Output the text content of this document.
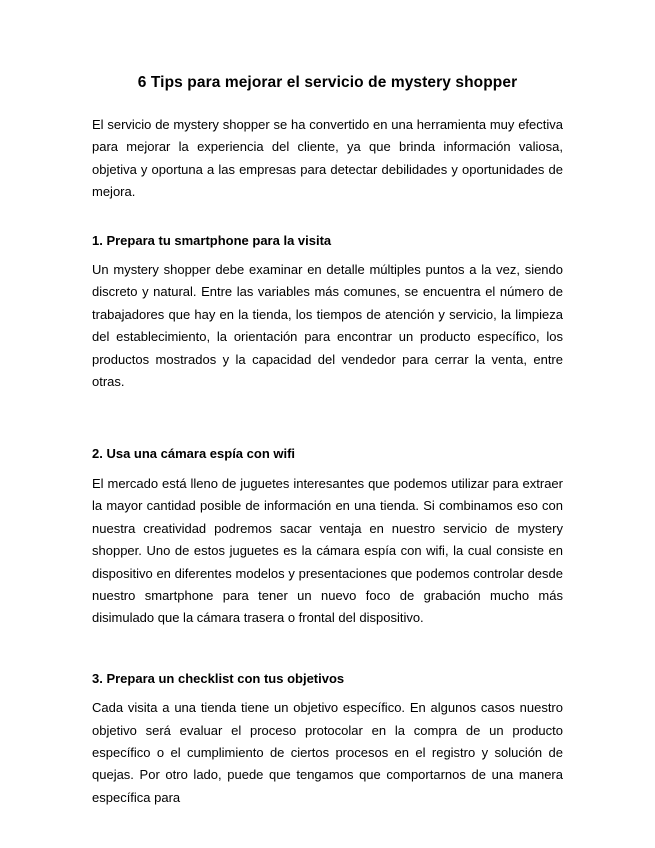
6 Tips para mejorar el servicio de mystery shopper

El servicio de mystery shopper se ha convertido en una herramienta muy efectiva para mejorar la experiencia del cliente, ya que brinda información valiosa, objetiva y oportuna a las empresas para detectar debilidades y oportunidades de mejora.

1. Prepara tu smartphone para la visita

Un mystery shopper debe examinar en detalle múltiples puntos a la vez, siendo discreto y natural. Entre las variables más comunes, se encuentra el número de trabajadores que hay en la tienda, los tiempos de atención y servicio, la limpieza del establecimiento, la orientación para encontrar un producto específico, los productos mostrados y la capacidad del vendedor para cerrar la venta, entre otras.

2. Usa una cámara espía con wifi

El mercado está lleno de juguetes interesantes que podemos utilizar para extraer la mayor cantidad posible de información en una tienda. Si combinamos eso con nuestra creatividad podremos sacar ventaja en nuestro servicio de mystery shopper. Uno de estos juguetes es la cámara espía con wifi, la cual consiste en dispositivo en diferentes modelos y presentaciones que podemos controlar desde nuestro smartphone para tener un nuevo foco de grabación mucho más disimulado que la cámara trasera o frontal del dispositivo.

3. Prepara un checklist con tus objetivos

Cada visita a una tienda tiene un objetivo específico. En algunos casos nuestro objetivo será evaluar el proceso protocolar en la compra de un producto específico o el cumplimiento de ciertos procesos en el registro y solución de quejas. Por otro lado, puede que tengamos que comportarnos de una manera específica para
